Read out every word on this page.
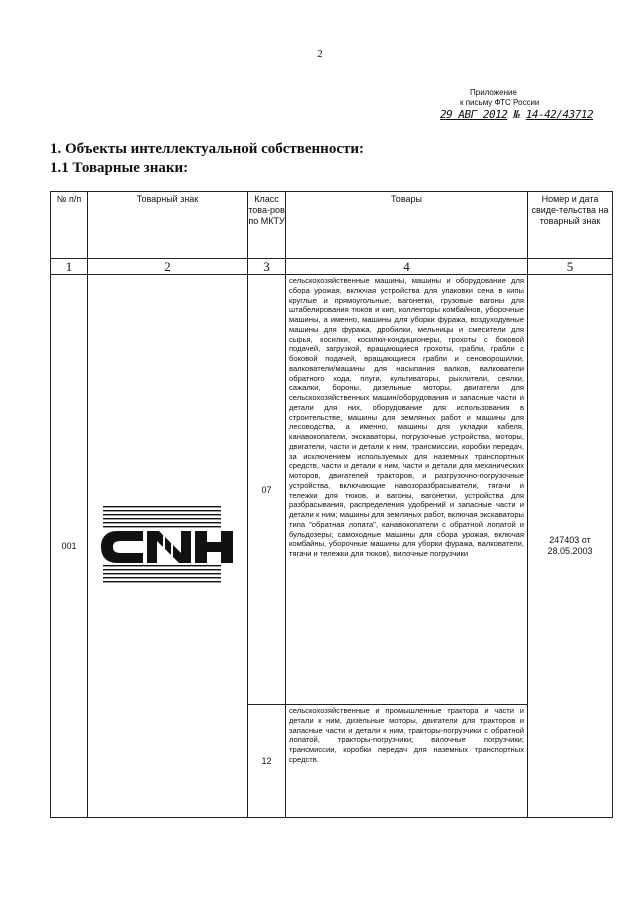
2
Приложение
к письму ФТС России
29 АВГ 2012 № 14-42/43712
1. Объекты интеллектуальной собственности:
1.1 Товарные знаки:
№ п/п	Товарный знак	Класс това-ров по МКТУ	Товары	Номер и дата свиде-тельства на товарный знак
1	2	3	4	5
001		07	сельскохозяйственные машины, машины и оборудование для сбора урожая, включая устройства для упаковки сена в кипы круглые и прямоугольные, вагонетки, грузовые вагоны для штабелирования тюков и кип, коллекторы комбайнов, уборочные машины, а именно, машины для уборки фуража, воздуходувные машины для фуража, дробилки, мельницы и смесители для сырья, косилки, косилки-кондиционеры, грохоты с боковой подачей, загрузкой, вращающиеся грохоты, грабли, грабли с боковой подачей, вращающиеся грабли и сеноворошилки, валкователи/машины для насыпания валков, валкователи обратного хода, плуги, культиваторы, рыхлители, сеялки, сажалки, бороны, дизельные моторы, двигатели для сельскохозяйственных машин/оборудования и запасные части и детали для них, оборудование для использования в строительстве, машины для земляных работ и машины для лесоводства, а именно, машины для укладки кабеля, канавокопатели, экскаваторы, погрузочные устройства, моторы, двигатели, части и детали к ним, трансмиссии, коробки передач, за исключением используемых для наземных транспортных средств, части и детали к ним, части и детали для механических моторов, двигателей тракторов, и разгрузочно-погрузочные устройства, включающие навозоразбрасыватели, тягачи и тележки для тюков, и вагоны, вагонетки, устройства для разбрасывания, распределения удобрений и запасные части и детали к ним; машины для земляных работ, включая экскаваторы типа "обратная лопата", канавокопатели с обратной лопатой и бульдозеры; самоходные машины для сбора урожая, включая комбайны, уборочные машины для уборки фуража, валкователи, тягачи и тележки для тюков), вилочные погрузчики	247403 от 28.05.2003
		12	сельскохозяйственные и промышленные трактора и части и детали к ним, дизельные моторы, двигатели для тракторов и запасные части и детали к ним, тракторы-погрузчики с обратной лопатой, тракторы-погрузчики; вилочные погрузчики; трансмиссии, коробки передач для наземных транспортных средств.	
